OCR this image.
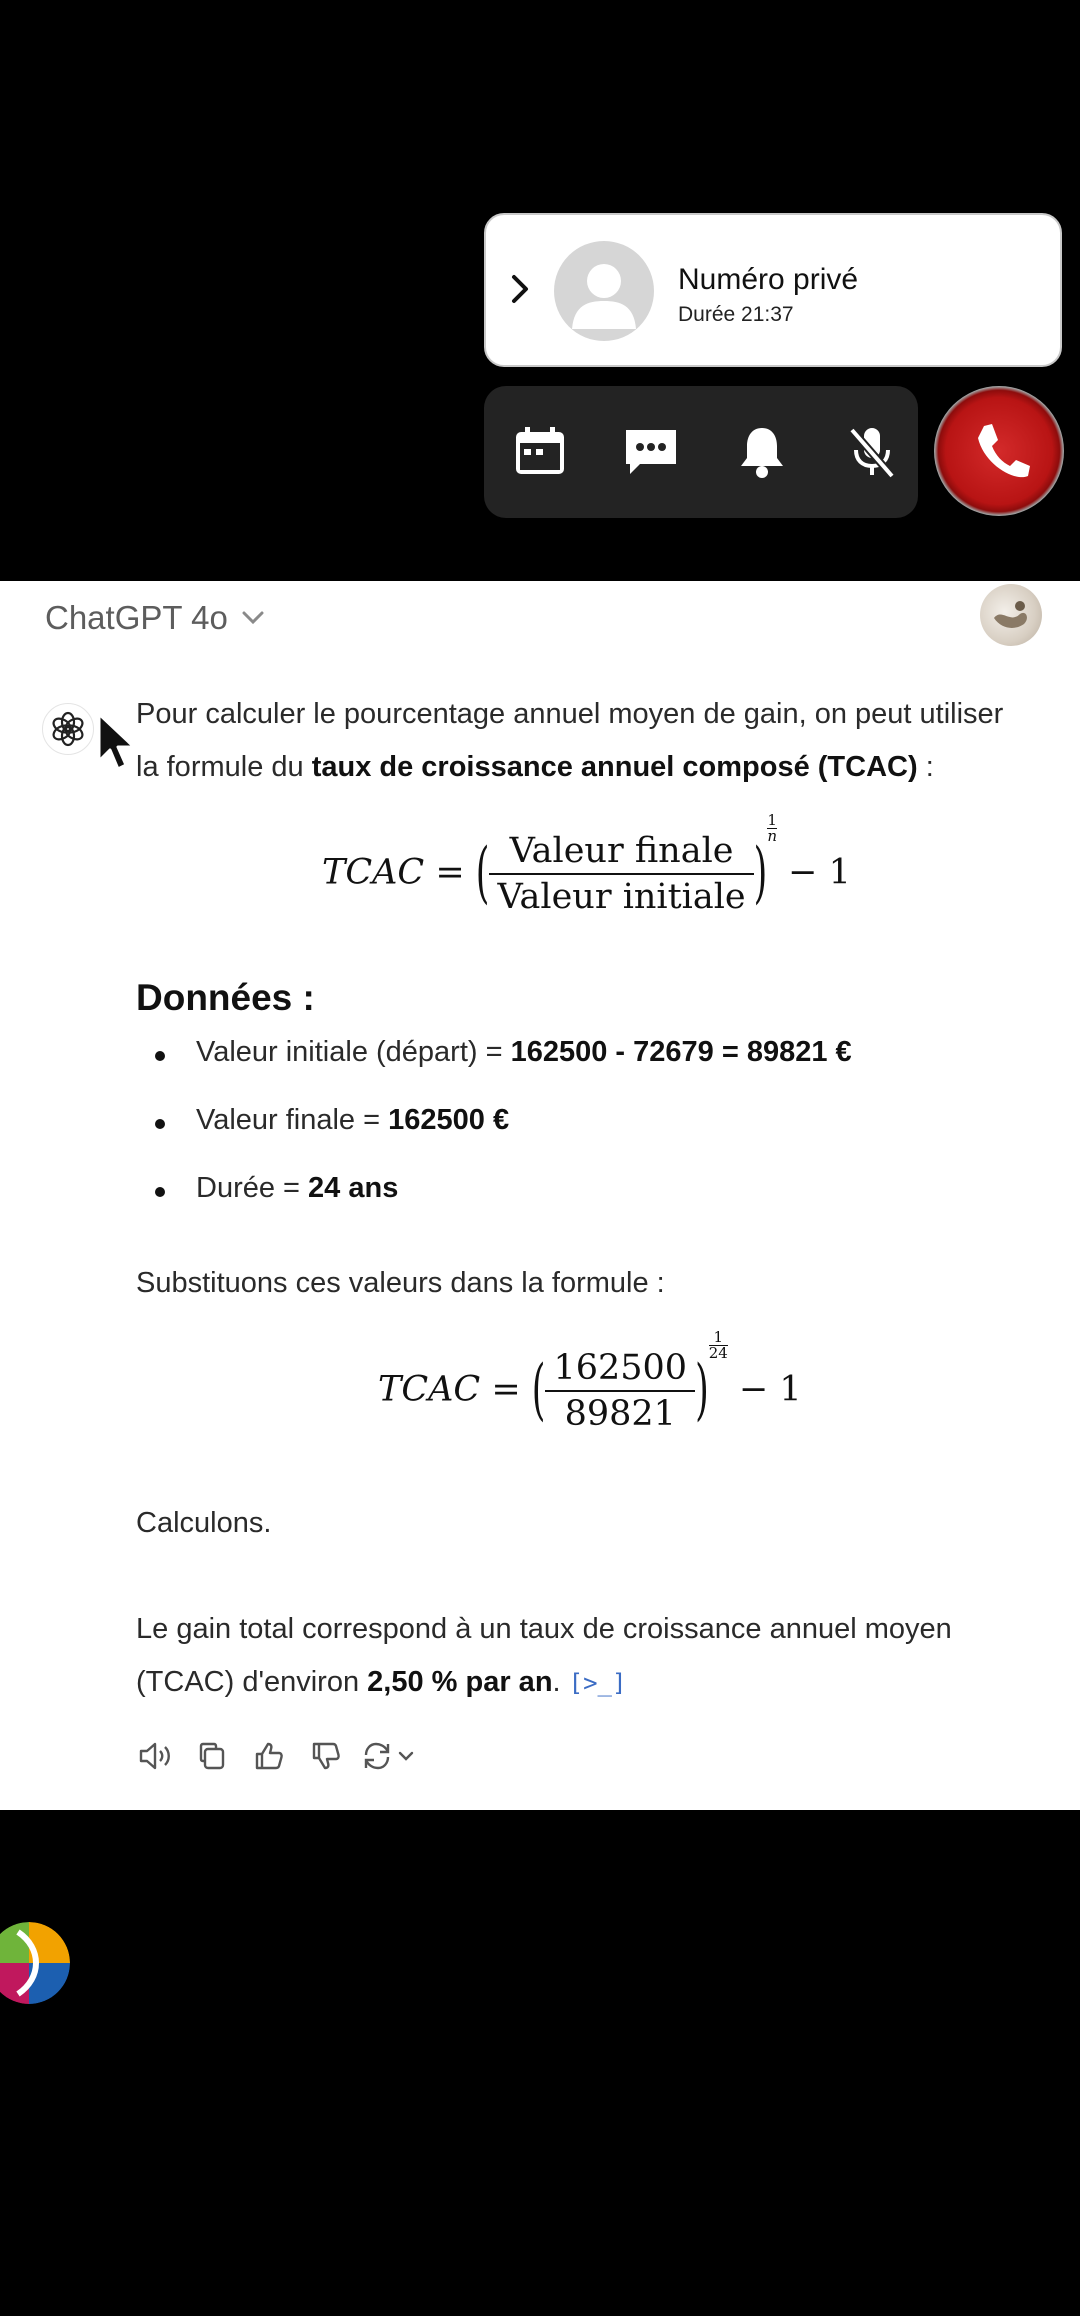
Numéro privé
Durée 21:37
ChatGPT 4o
Pour calculer le pourcentage annuel moyen de gain, on peut utiliser
la formule du taux de croissance annuel composé (TCAC) :
TCAC = ( $\frac{\text{Valeur finale}}{\text{Valeur initiale}}$ )
$\frac{1}{n} - 1$
Données :
Valeur initiale (départ) = 162500 - 72679 = 89821 €
Valeur finale = 162500 €
Durée = 24 ans
Substituons ces valeurs dans la formule :
TCAC = ( $\frac{162500}{89821}$ )
$\frac{1}{24} - 1$
Calculons.
Le gain total correspond à un taux de croissance annuel moyen
(TCAC) d'environ 2,50 % par an. [>_]
